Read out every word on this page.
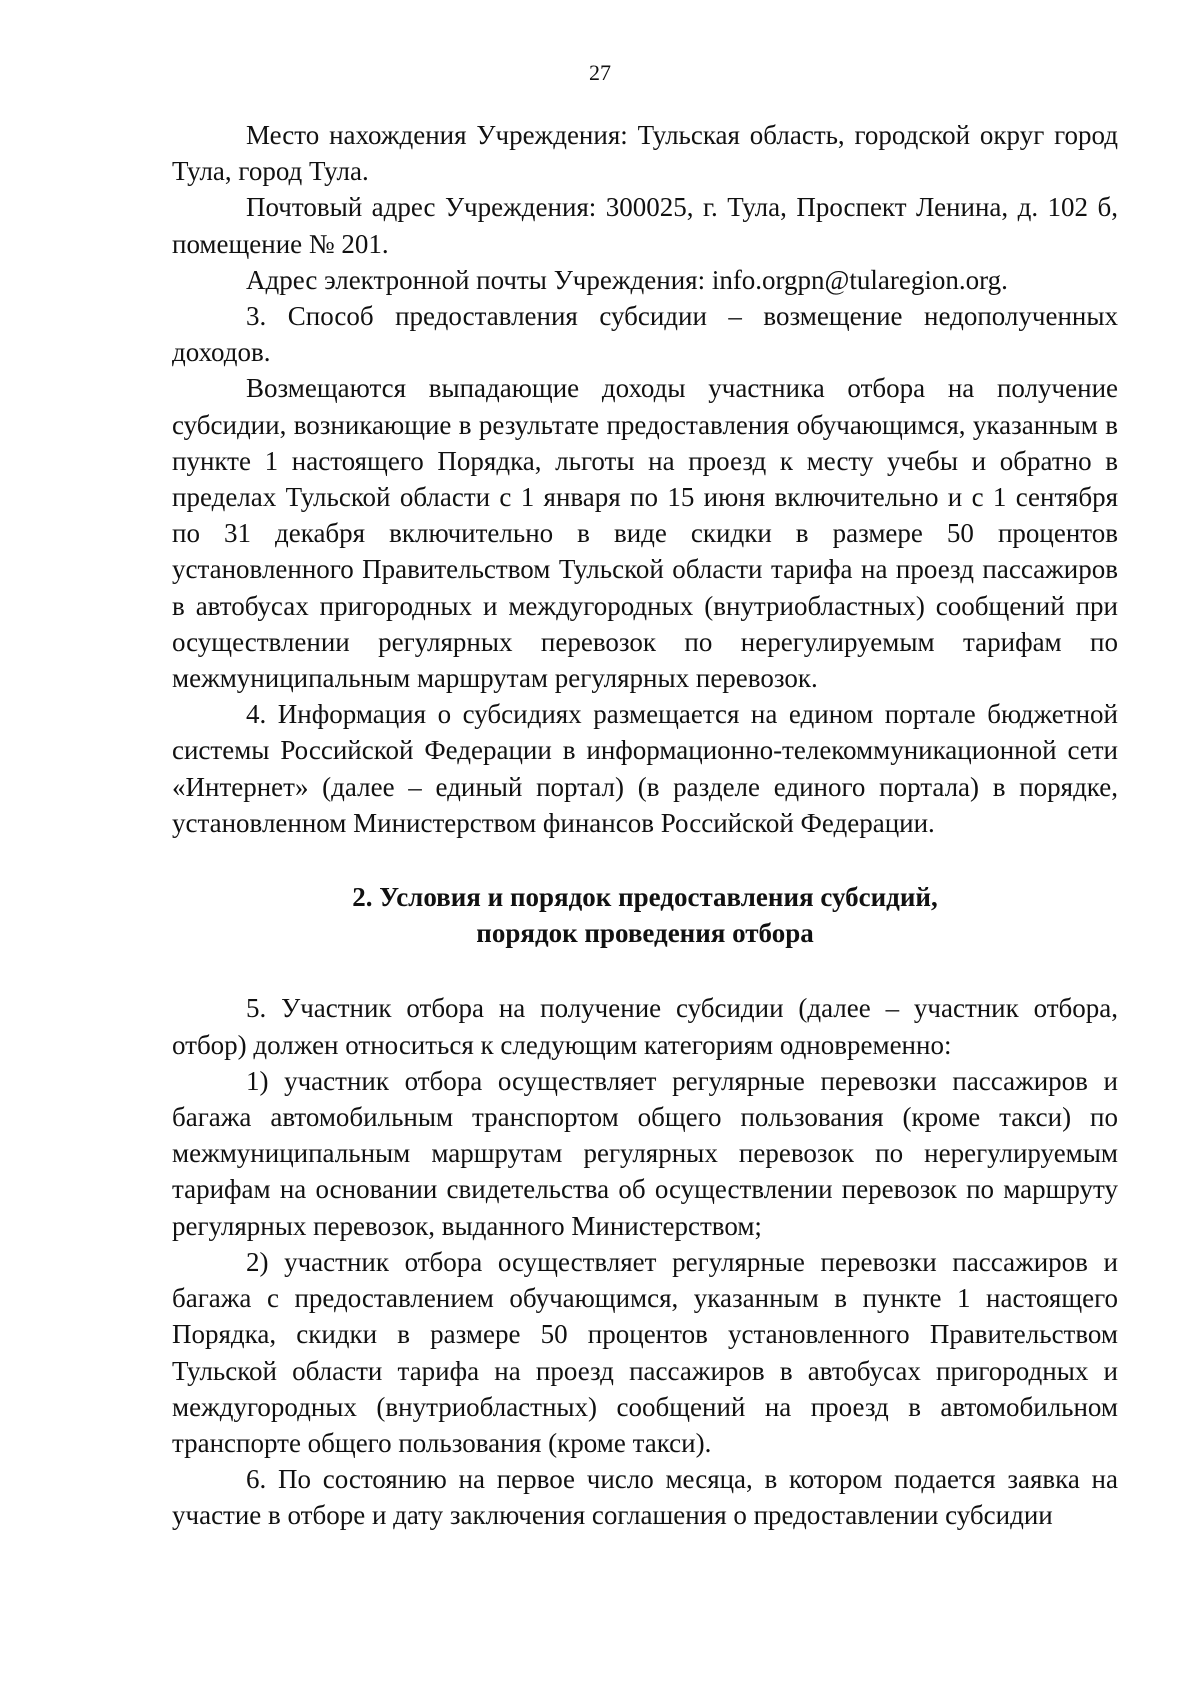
27

Место нахождения Учреждения: Тульская область, городской округ город Тула, город Тула.

Почтовый адрес Учреждения: 300025, г. Тула, Проспект Ленина, д. 102 б, помещение № 201.

Адрес электронной почты Учреждения: info.orgpn@tularegion.org.

3. Способ предоставления субсидии – возмещение недополученных доходов.

Возмещаются выпадающие доходы участника отбора на получение субсидии, возникающие в результате предоставления обучающимся, указанным в пункте 1 настоящего Порядка, льготы на проезд к месту учебы и обратно в пределах Тульской области с 1 января по 15 июня включительно и с 1 сентября по 31 декабря включительно в виде скидки в размере 50 процентов установленного Правительством Тульской области тарифа на проезд пассажиров в автобусах пригородных и междугородных (внутриобластных) сообщений при осуществлении регулярных перевозок по нерегулируемым тарифам по межмуниципальным маршрутам регулярных перевозок.

4. Информация о субсидиях размещается на едином портале бюджетной системы Российской Федерации в информационно-телекоммуникационной сети «Интернет» (далее – единый портал) (в разделе единого портала) в порядке, установленном Министерством финансов Российской Федерации.

2. Условия и порядок предоставления субсидий,
порядок проведения отбора

5. Участник отбора на получение субсидии (далее – участник отбора, отбор) должен относиться к следующим категориям одновременно:

1) участник отбора осуществляет регулярные перевозки пассажиров и багажа автомобильным транспортом общего пользования (кроме такси) по межмуниципальным маршрутам регулярных перевозок по нерегулируемым тарифам на основании свидетельства об осуществлении перевозок по маршруту регулярных перевозок, выданного Министерством;

2) участник отбора осуществляет регулярные перевозки пассажиров и багажа с предоставлением обучающимся, указанным в пункте 1 настоящего Порядка, скидки в размере 50 процентов установленного Правительством Тульской области тарифа на проезд пассажиров в автобусах пригородных и междугородных (внутриобластных) сообщений на проезд в автомобильном транспорте общего пользования (кроме такси).

6. По состоянию на первое число месяца, в котором подается заявка на участие в отборе и дату заключения соглашения о предоставлении субсидии
